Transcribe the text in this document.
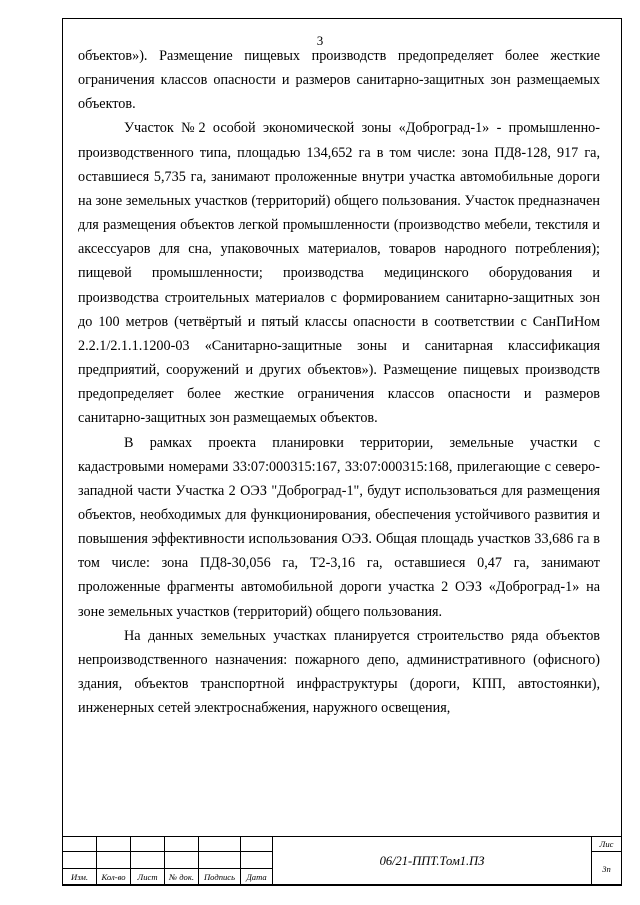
3

объектов»). Размещение пищевых производств предопределяет более жесткие ограничения классов опасности и размеров санитарно-защитных зон размещаемых объектов.

Участок №2 особой экономической зоны «Доброград-1» - промышленно-производственного типа, площадью 134,652 га в том числе: зона ПД8-128, 917 га, оставшиеся 5,735 га, занимают проложенные внутри участка автомобильные дороги на зоне земельных участков (территорий) общего пользования. Участок предназначен для размещения объектов легкой промышленности (производство мебели, текстиля и аксессуаров для сна, упаковочных материалов, товаров народного потребления); пищевой промышленности; производства медицинского оборудования и производства строительных материалов с формированием санитарно-защитных зон до 100 метров (четвёртый и пятый классы опасности в соответствии с СанПиНом 2.2.1/2.1.1.1200-03 «Санитарно-защитные зоны и санитарная классификация предприятий, сооружений и других объектов»). Размещение пищевых производств предопределяет более жесткие ограничения классов опасности и размеров санитарно-защитных зон размещаемых объектов.

В рамках проекта планировки территории, земельные участки с кадастровыми номерами 33:07:000315:167, 33:07:000315:168, прилегающие с северо-западной части Участка 2 ОЭЗ "Доброград-1", будут использоваться для размещения объектов, необходимых для функционирования, обеспечения устойчивого развития и повышения эффективности использования ОЭЗ. Общая площадь участков 33,686 га в том числе: зона ПД8-30,056 га, Т2-3,16 га, оставшиеся 0,47 га, занимают проложенные фрагменты автомобильной дороги участка 2 ОЭЗ «Доброград-1» на зоне земельных участков (территорий) общего пользования.

На данных земельных участках планируется строительство ряда объектов непроизводственного назначения: пожарного депо, административного (офисного) здания, объектов транспортной инфраструктуры (дороги, КПП, автостоянки), инженерных сетей электроснабжения, наружного освещения,

						06/21-ППТ.Том1.ПЗ	Лис
							3п
Изм.	Кол-во	Лист	№ док.	Подпись	Дата		
